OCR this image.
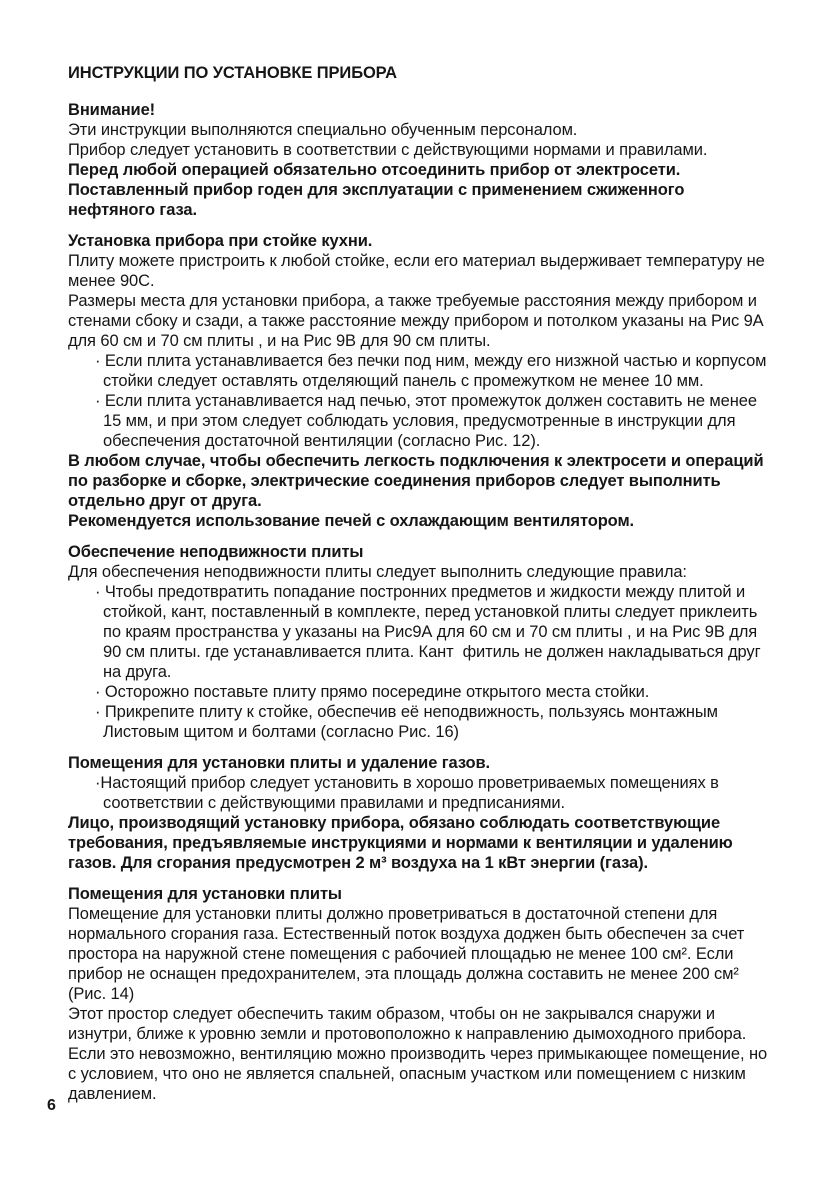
ИНСТРУКЦИИ ПО УСТАНОВКЕ ПРИБОРА

Внимание!

Эти инструкции выполняются специально обученным персоналом.

Прибор следует установить в соответствии с действующими нормами и правилами.

Перед любой операцией обязательно отсоединить прибор от электросети.

Поставленный прибор годен для эксплуатации с применением сжиженного нефтяного газа.

Установка прибора при стойке кухни.

Плиту можете пристроить к любой стойке, если его материал выдерживает температуру не менее 90С.

Размеры места для установки прибора, а также требуемые расстояния между прибором и стенами сбоку и сзади, а также расстояние между прибором и потолком указаны на Рис 9А для 60 см и 70 см плиты , и на Рис 9В для 90 см плиты.

· Если плита устанавливается без печки под ним, между его низжной частью и корпусом   стойки следует оставлять отделяющий панель с промежутком не менее 10 мм.

· Если плита устанавливается над печью, этот промежуток должен составить не менее 15 мм, и при этом следует соблюдать условия, предусмотренные в инструкции для обеспечения достаточной вентиляции (согласно Рис. 12).

В любом случае, чтобы обеспечить легкость подключения к электросети и операций по разборке и сборке, электрические соединения приборов следует выполнить отдельно друг от друга.

Рекомендуется использование печей с охлаждающим вентилятором.

Обеспечение неподвижности плиты

Для обеспечения неподвижности плиты следует выполнить следующие правила:

· Чтобы предотвратить попадание постронних предметов и жидкости между плитой и стойкой, кант, поставленный в комплекте, перед установкой плиты следует приклеить по краям пространства у указаны на Рис9А для 60 см и 70 см плиты , и на Рис 9В для 90 см плиты. где устанавливается плита. Кант  фитиль не должен накладываться друг на друга.

· Осторожно поставьте плиту прямо посередине открытого места стойки.

· Прикрепите плиту к стойке, обеспечив её неподвижность, пользуясь монтажным Листовым щитом и болтами (согласно Рис. 16)

Помещения для установки плиты и удаление газов.

· Настоящий прибор следует установить в хорошо проветриваемых помещениях в соответствии с действующими правилами и предписаниями.

Лицо, производящий установку прибора, обязано соблюдать соответствующие требования, предъявляемые инструкциями и нормами к вентиляции и удалению газов. Для сгорания предусмотрен 2 м³ воздуха на 1 кВт энергии (газа).

Помещения для установки плиты

Помещение для установки плиты должно проветриваться в достаточной степени для нормального сгорания газа. Естественный поток воздуха доджен быть обеспечен за счет простора на наружной стене помещения с рабочией площадью не менее 100 см². Если прибор не оснащен предохранителем, эта площадь должна составить не менее 200 см² (Рис. 14)

Этот простор следует обеспечить таким образом, чтобы он не закрывался снаружи и изнутри, ближе к уровню земли и протовоположно к направлению дымоходного прибора. Если это невозможно, вентиляцию можно производить через примыкающее помещение, но с условием, что оно не является спальней, опасным участком или помещением с низким давлением.

6
